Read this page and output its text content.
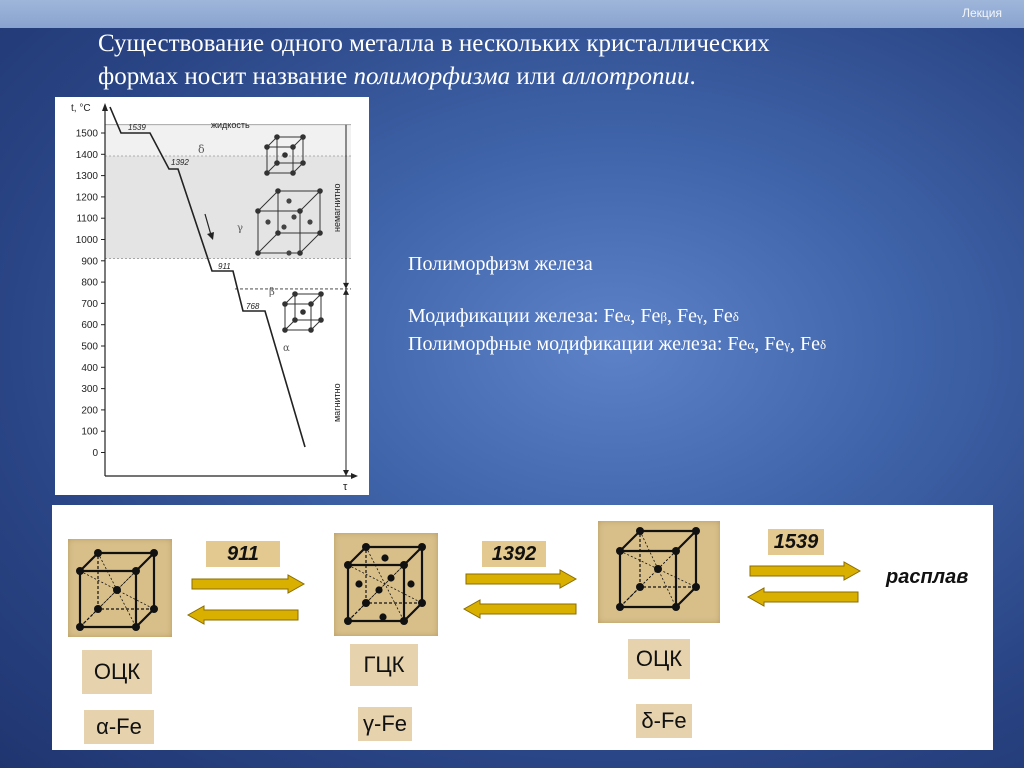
Лекция
Существование одного металла в нескольких кристаллических
формах носит название полиморфизма или аллотропии.
t, °C
τ
1500
1400
1300
1200
1100
1000
900
800
700
600
500
400
300
200
100
0
немагнитно
магнитно
жидкость
1539
1392
911
768
δ
γ
β
α
Полиморфизм железа
Модификации железа: $Fe_\alpha$, $Fe_\beta$, $Fe_\gamma$, $Fe_\delta$
Полиморфные модификации железа: $Fe_\alpha$, $Fe_\gamma$, $Fe_\delta$
911	1392
1539
расплав
ОЦК	ГЦК	ОЦК
α-Fe	γ-Fe	δ-Fe
